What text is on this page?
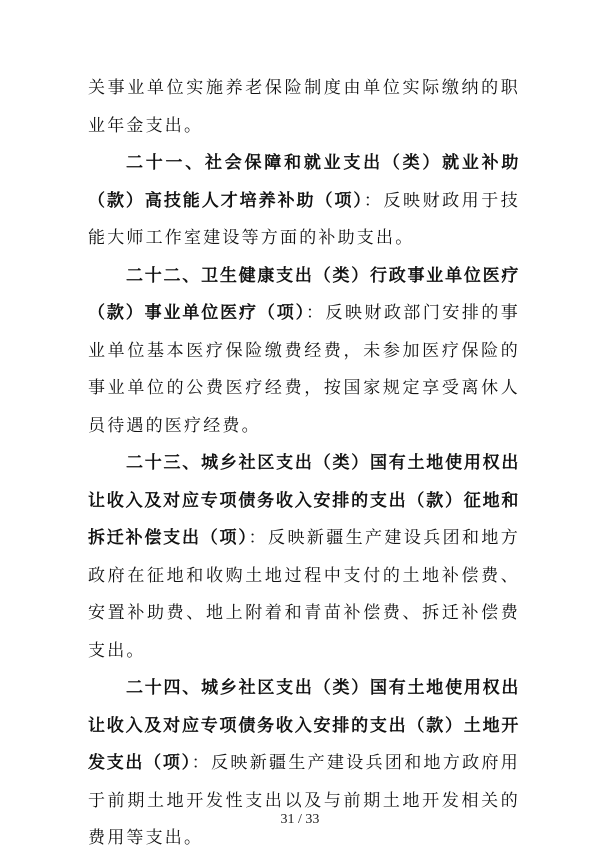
关事业单位实施养老保险制度由单位实际缴纳的职业年金支出。

二十一、社会保障和就业支出（类）就业补助（款）高技能人才培养补助（项）：反映财政用于技能大师工作室建设等方面的补助支出。

二十二、卫生健康支出（类）行政事业单位医疗（款）事业单位医疗（项）：反映财政部门安排的事业单位基本医疗保险缴费经费，未参加医疗保险的事业单位的公费医疗经费，按国家规定享受离休人员待遇的医疗经费。

二十三、城乡社区支出（类）国有土地使用权出让收入及对应专项债务收入安排的支出（款）征地和拆迁补偿支出（项）：反映新疆生产建设兵团和地方政府在征地和收购土地过程中支付的土地补偿费、安置补助费、地上附着和青苗补偿费、拆迁补偿费支出。

二十四、城乡社区支出（类）国有土地使用权出让收入及对应专项债务收入安排的支出（款）土地开发支出（项）：反映新疆生产建设兵团和地方政府用于前期土地开发性支出以及与前期土地开发相关的费用等支出。

31 / 33
